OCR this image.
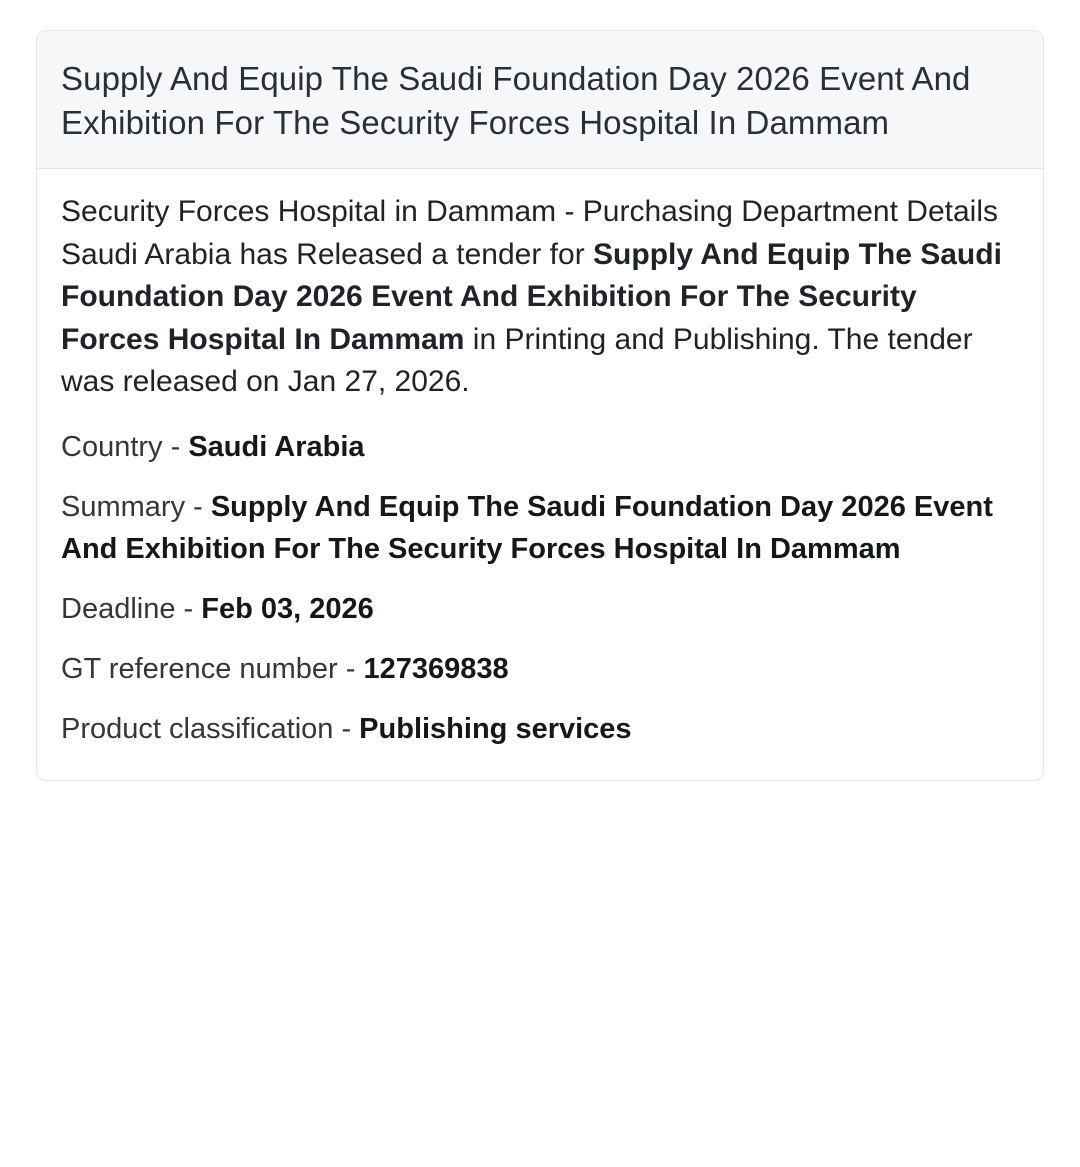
Supply And Equip The Saudi Foundation Day 2026 Event And Exhibition For The Security Forces Hospital In Dammam

Security Forces Hospital in Dammam - Purchasing Department Details Saudi Arabia has Released a tender for Supply And Equip The Saudi Foundation Day 2026 Event And Exhibition For The Security Forces Hospital In Dammam in Printing and Publishing. The tender was released on Jan 27, 2026.

Country - Saudi Arabia

Summary - Supply And Equip The Saudi Foundation Day 2026 Event And Exhibition For The Security Forces Hospital In Dammam

Deadline - Feb 03, 2026

GT reference number - 127369838

Product classification - Publishing services
